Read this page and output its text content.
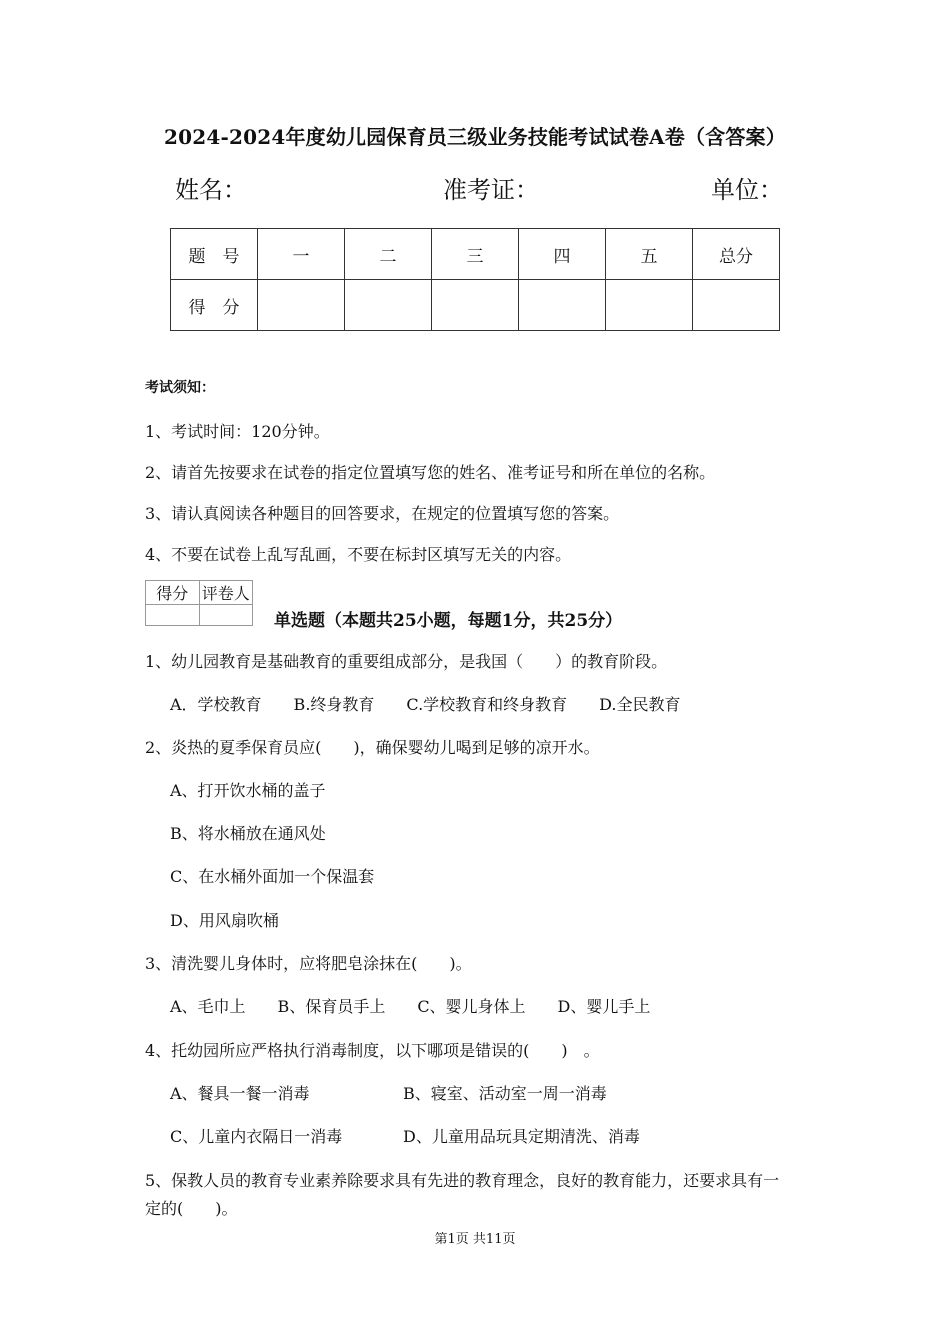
2024-2024年度幼儿园保育员三级业务技能考试试卷A卷（含答案）
姓名：	准考证：	单位：
题　号	一	二	三	四	五	总分
得　分						
考试须知：
1、考试时间：120分钟。
2、请首先按要求在试卷的指定位置填写您的姓名、准考证号和所在单位的名称。
3、请认真阅读各种题目的回答要求，在规定的位置填写您的答案。
4、不要在试卷上乱写乱画，不要在标封区填写无关的内容。
得分	评卷人

单选题（本题共25小题，每题1分，共25分）
1、幼儿园教育是基础教育的重要组成部分，是我国（　　）的教育阶段。
A．学校教育　　B.终身教育　　C.学校教育和终身教育　　D.全民教育
2、炎热的夏季保育员应(　　)，确保婴幼儿喝到足够的凉开水。
A、打开饮水桶的盖子
B、将水桶放在通风处
C、在水桶外面加一个保温套
D、用风扇吹桶
3、清洗婴儿身体时，应将肥皂涂抹在(　　)。
A、毛巾上　　B、保育员手上　　C、婴儿身体上　　D、婴儿手上
4、托幼园所应严格执行消毒制度，以下哪项是错误的(　　)　。
A、餐具一餐一消毒	B、寝室、活动室一周一消毒
C、儿童内衣隔日一消毒	D、儿童用品玩具定期清洗、消毒
5、保教人员的教育专业素养除要求具有先进的教育理念，良好的教育能力，还要求具有一
定的(　　)。
第1页 共11页
